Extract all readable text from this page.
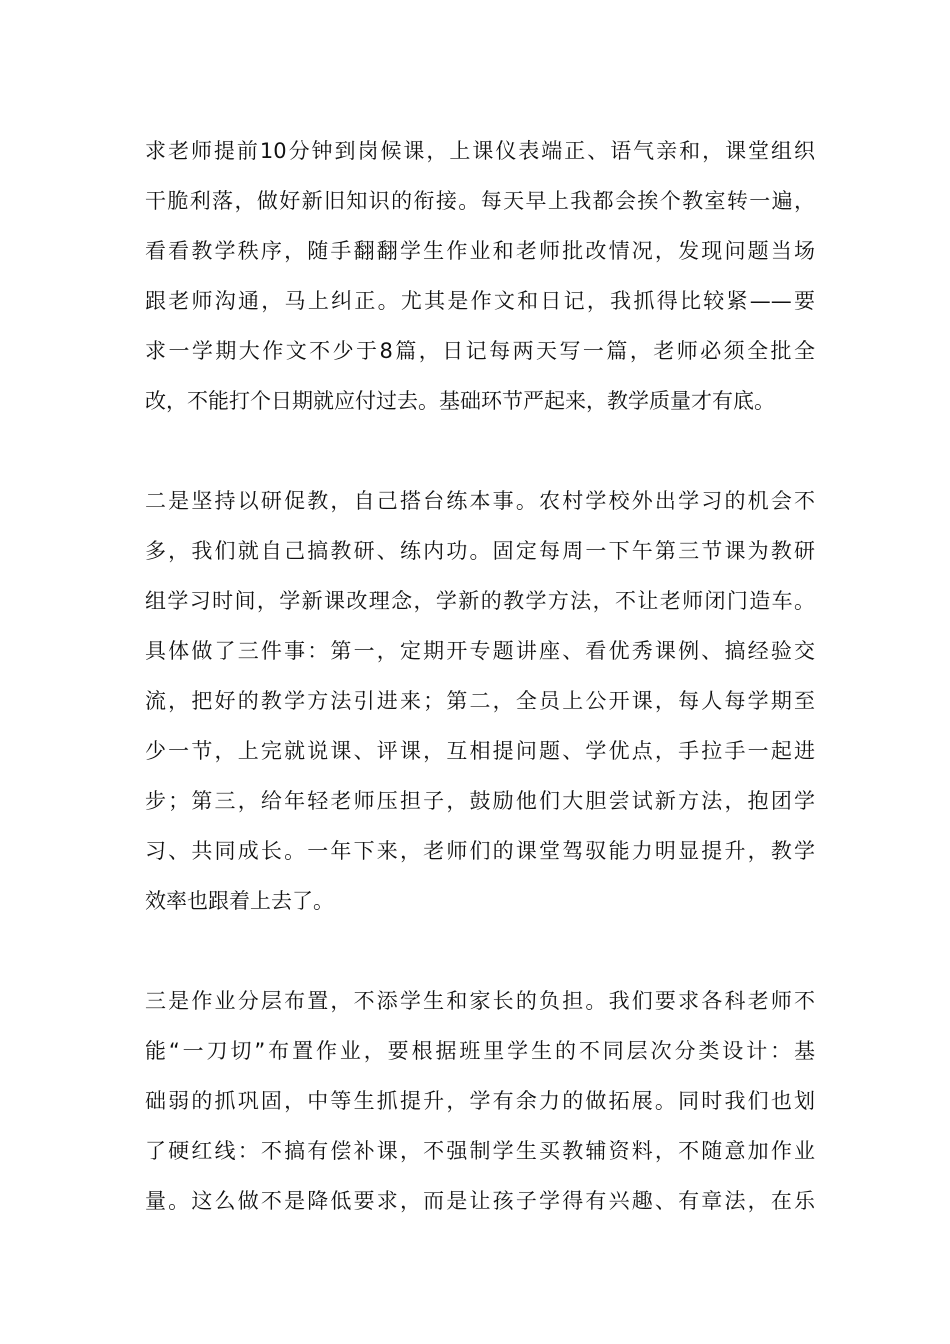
求老师提前10分钟到岗候课，上课仪表端正、语气亲和，课堂组织
干脆利落，做好新旧知识的衔接。每天早上我都会挨个教室转一遍，
看看教学秩序，随手翻翻学生作业和老师批改情况，发现问题当场
跟老师沟通，马上纠正。尤其是作文和日记，我抓得比较紧——要
求一学期大作文不少于8篇，日记每两天写一篇，老师必须全批全
改，不能打个日期就应付过去。基础环节严起来，教学质量才有底。
二是坚持以研促教，自己搭台练本事。农村学校外出学习的机会不
多，我们就自己搞教研、练内功。固定每周一下午第三节课为教研
组学习时间，学新课改理念，学新的教学方法，不让老师闭门造车。
具体做了三件事：第一，定期开专题讲座、看优秀课例、搞经验交
流，把好的教学方法引进来；第二，全员上公开课，每人每学期至
少一节，上完就说课、评课，互相提问题、学优点，手拉手一起进
步；第三，给年轻老师压担子，鼓励他们大胆尝试新方法，抱团学
习、共同成长。一年下来，老师们的课堂驾驭能力明显提升，教学
效率也跟着上去了。
三是作业分层布置，不添学生和家长的负担。我们要求各科老师不
能“一刀切”布置作业，要根据班里学生的不同层次分类设计：基
础弱的抓巩固，中等生抓提升，学有余力的做拓展。同时我们也划
了硬红线：不搞有偿补课，不强制学生买教辅资料，不随意加作业
量。这么做不是降低要求，而是让孩子学得有兴趣、有章法，在乐
